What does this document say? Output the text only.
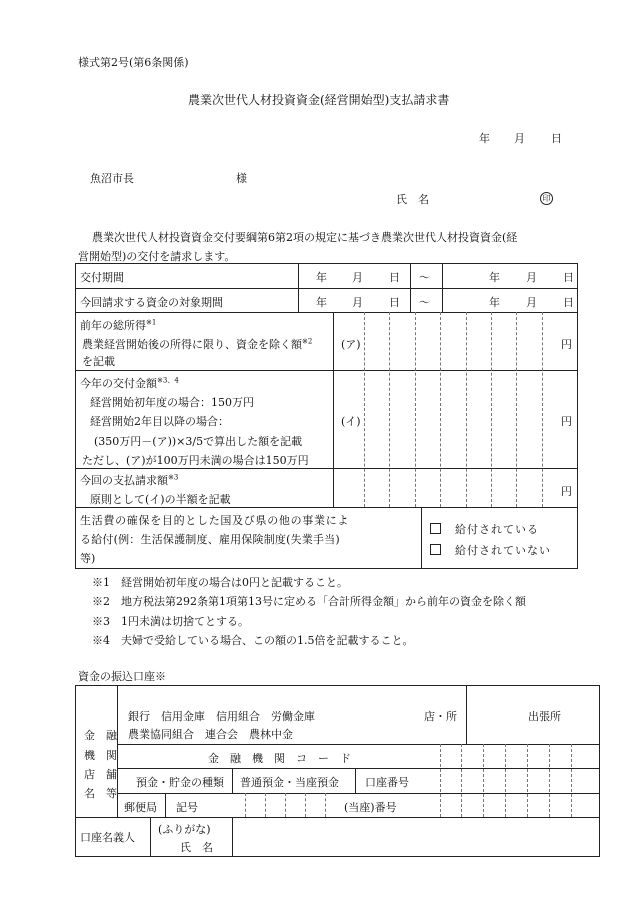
様式第2号(第6条関係)
農業次世代人材投資資金(経営開始型)支払請求書
年 月 日
魚沼市長	様
氏　名	印
農業次世代人材投資資金交付要綱第6第2項の規定に基づき農業次世代人材投資資金(経
営開始型)の交付を請求します。
交付期間	年 月 日 ～	年 月 日
今回請求する資金の対象期間	年 月 日 ～	年 月 日
前年の総所得$^{※1}$
農業経営開始後の所得に限り、資金を除く額$^{※2}$
を記載
(ア)	円
今年の交付金額$^{※3、4}$
経営開始初年度の場合：150万円
経営開始2年目以降の場合：
(350万円－(ア))×3/5で算出した額を記載
ただし、(ア)が100万円未満の場合は150万円
(イ)	円
今回の支払請求額$^{※3}$
原則として(イ)の半額を記載
円
生活費の確保を目的とした国及び県の他の事業によ
る給付(例：生活保護制度、雇用保険制度(失業手当)
等)
給付されている
給付されていない
※1　経営開始初年度の場合は0円と記載すること。
※2　地方税法第292条第1項第13号に定める「合計所得金額」から前年の資金を除く額
※3　1円未満は切捨てとする。
※4　夫婦で受給している場合、この額の1.5倍を記載すること。
資金の振込口座※
金　融
機　関
店　舗
名　等
銀行　信用金庫　信用組合　労働金庫
農業協同組合　連合会　農林中金
店・所	出張所
金　融　機　関　コ　ー　ド
預金・貯金の種類 普通預金・当座預金 口座番号
郵便局 記号	(当座)番号
口座名義人
(ふりがな)
氏　名
